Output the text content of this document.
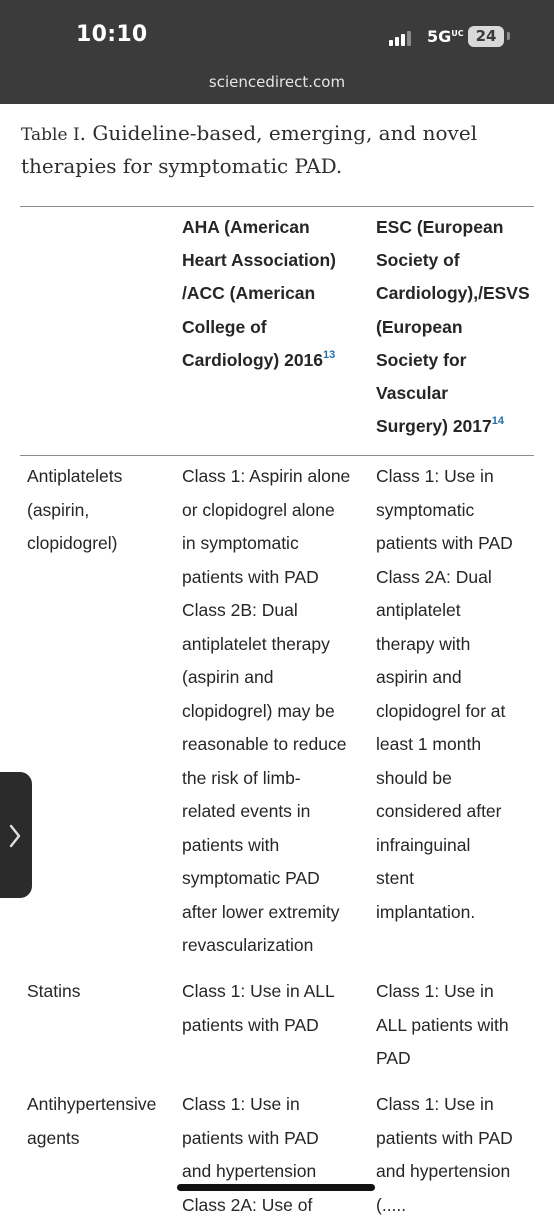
10:10	$5G^{UC}$ 24
sciencedirect.com
Table I. Guideline-based, emerging, and novel
therapies for symptomatic PAD.
AHA (American
Heart Association)
/ACC (American
College of
Cardiology) 2016$^{13}$
ESC (European
Society of
Cardiology),/ESVS
(European
Society for
Vascular
Surgery) 2017$^{14}$
Antiplatelets
(aspirin,
clopidogrel)
Class 1: Aspirin alone
or clopidogrel alone
in symptomatic
patients with PAD
Class 2B: Dual
antiplatelet therapy
(aspirin and
clopidogrel) may be
reasonable to reduce
the risk of limb-
related events in
patients with
symptomatic PAD
after lower extremity
revascularization
Class 1: Use in
symptomatic
patients with PAD
Class 2A: Dual
antiplatelet
therapy with
aspirin and
clopidogrel for at
least 1 month
should be
considered after
infrainguinal
stent
implantation.
Statins	Class 1: Use in ALL
patients with PAD
Class 1: Use in
ALL patients with
PAD
Antihypertensive
agents
Class 1: Use in
patients with PAD
and hypertension
Class 2A: Use of
Class 1: Use in
patients with PAD
and hypertension
(.....
